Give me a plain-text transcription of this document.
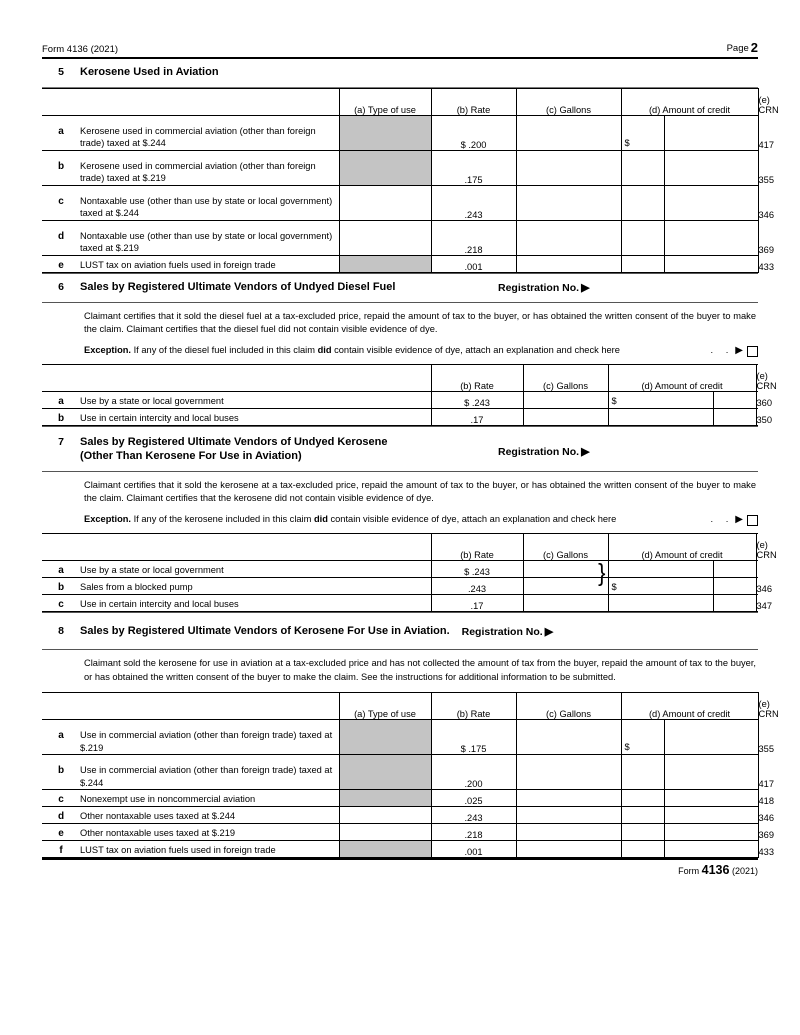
Form 4136 (2021)	Page 2
5	Kerosene Used in Aviation
	(a) Type of use	(b) Rate	(c) Gallons	(d) Amount of credit		(e) CRN

a Kerosene used in commercial aviation (other than foreign trade) taxed at $.244		$ .200		$		417

b Kerosene used in commercial aviation (other than foreign trade) taxed at $.219		.175				355

c Nontaxable use (other than use by state or local government) taxed at $.244		.243				346

d Nontaxable use (other than use by state or local government) taxed at $.219		.218				369

e LUST tax on aviation fuels used in foreign trade		.001				433
6	Sales by Registered Ultimate Vendors of Undyed Diesel Fuel	Registration No. ▶
Claimant certifies that it sold the diesel fuel at a tax-excluded price, repaid the amount of tax to the buyer, or has obtained the written consent of the buyer to make the claim. Claimant certifies that the diesel fuel did not contain visible evidence of dye.
Exception. If any of the diesel fuel included in this claim did contain visible evidence of dye, attach an explanation and check here	. . ▶
	(b) Rate	(c) Gallons	(d) Amount of credit		(e) CRN

a Use by a state or local government	$ .243		$		360

b Use in certain intercity and local buses	.17				350
7	Sales by Registered Ultimate Vendors of Undyed Kerosene
(Other Than Kerosene For Use in Aviation)	Registration No. ▶
Claimant certifies that it sold the kerosene at a tax-excluded price, repaid the amount of tax to the buyer, or has obtained the written consent of the buyer to make the claim. Claimant certifies that the kerosene did not contain visible evidence of dye.
Exception. If any of the kerosene included in this claim did contain visible evidence of dye, attach an explanation and check here	. . ▶
	(b) Rate	(c) Gallons	(d) Amount of credit		(e) CRN

a Use by a state or local government	$ .243	}			

b Sales from a blocked pump	.243		$		346

c Use in certain intercity and local buses	.17				347
8	Sales by Registered Ultimate Vendors of Kerosene For Use in Aviation. Registration No. ▶
Claimant sold the kerosene for use in aviation at a tax-excluded price and has not collected the amount of tax from the buyer, repaid the amount of tax to the buyer, or has obtained the written consent of the buyer to make the claim. See the instructions for additional information to be submitted.
	(a) Type of use	(b) Rate	(c) Gallons	(d) Amount of credit		(e) CRN

a Use in commercial aviation (other than foreign trade) taxed at $.219		$ .175		$		355

b Use in commercial aviation (other than foreign trade) taxed at $.244		.200				417

c Nonexempt use in noncommercial aviation		.025				418

d Other nontaxable uses taxed at $.244		.243				346

e Other nontaxable uses taxed at $.219		.218				369

f LUST tax on aviation fuels used in foreign trade		.001				433
Form 4136 (2021)
